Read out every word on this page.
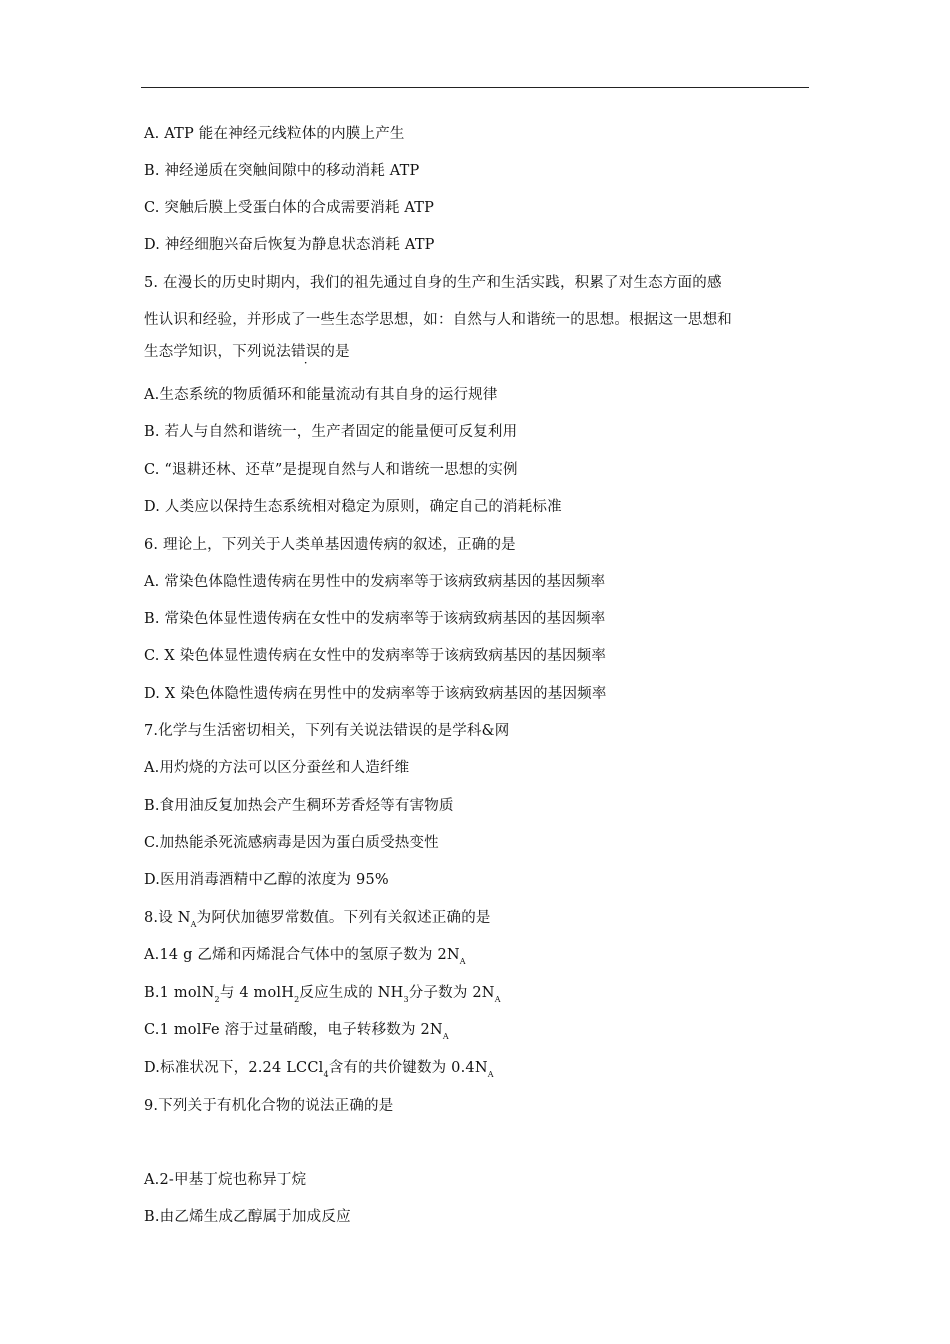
A. ATP 能在神经元线粒体的内膜上产生
B. 神经递质在突触间隙中的移动消耗 ATP
C. 突触后膜上受蛋白体的合成需要消耗 ATP
D. 神经细胞兴奋后恢复为静息状态消耗 ATP
5. 在漫长的历史时期内，我们的祖先通过自身的生产和生活实践，积累了对生态方面的感
性认识和经验，并形成了一些生态学思想，如：自然与人和谐统一的思想。根据这一思想和
生态学知识，下列说法错误的是
A.生态系统的物质循环和能量流动有其自身的运行规律
B. 若人与自然和谐统一，生产者固定的能量便可反复利用
C. “退耕还林、还草”是提现自然与人和谐统一思想的实例
D. 人类应以保持生态系统相对稳定为原则，确定自己的消耗标准
6. 理论上，下列关于人类单基因遗传病的叙述，正确的是
A. 常染色体隐性遗传病在男性中的发病率等于该病致病基因的基因频率
B. 常染色体显性遗传病在女性中的发病率等于该病致病基因的基因频率
C. X 染色体显性遗传病在女性中的发病率等于该病致病基因的基因频率
D. X 染色体隐性遗传病在男性中的发病率等于该病致病基因的基因频率
7.化学与生活密切相关，下列有关说法错误的是学科&网
A.用灼烧的方法可以区分蚕丝和人造纤维
B.食用油反复加热会产生稠环芳香烃等有害物质
C.加热能杀死流感病毒是因为蛋白质受热变性
D.医用消毒酒精中乙醇的浓度为 95%
8.设 $N_A$为阿伏加德罗常数值。下列有关叙述正确的是
A.14 g 乙烯和丙烯混合气体中的氢原子数为 $2N_A$
B.1 molN$_2$与 4 molH$_2$反应生成的 $NH_3$分子数为 $2N_A$
C.1 molFe 溶于过量硝酸，电子转移数为 $2N_A$
D.标准状况下，2.24 LCCl$_4$含有的共价键数为 $0.4N_A$
9.下列关于有机化合物的说法正确的是
A.2-甲基丁烷也称异丁烷
B.由乙烯生成乙醇属于加成反应
